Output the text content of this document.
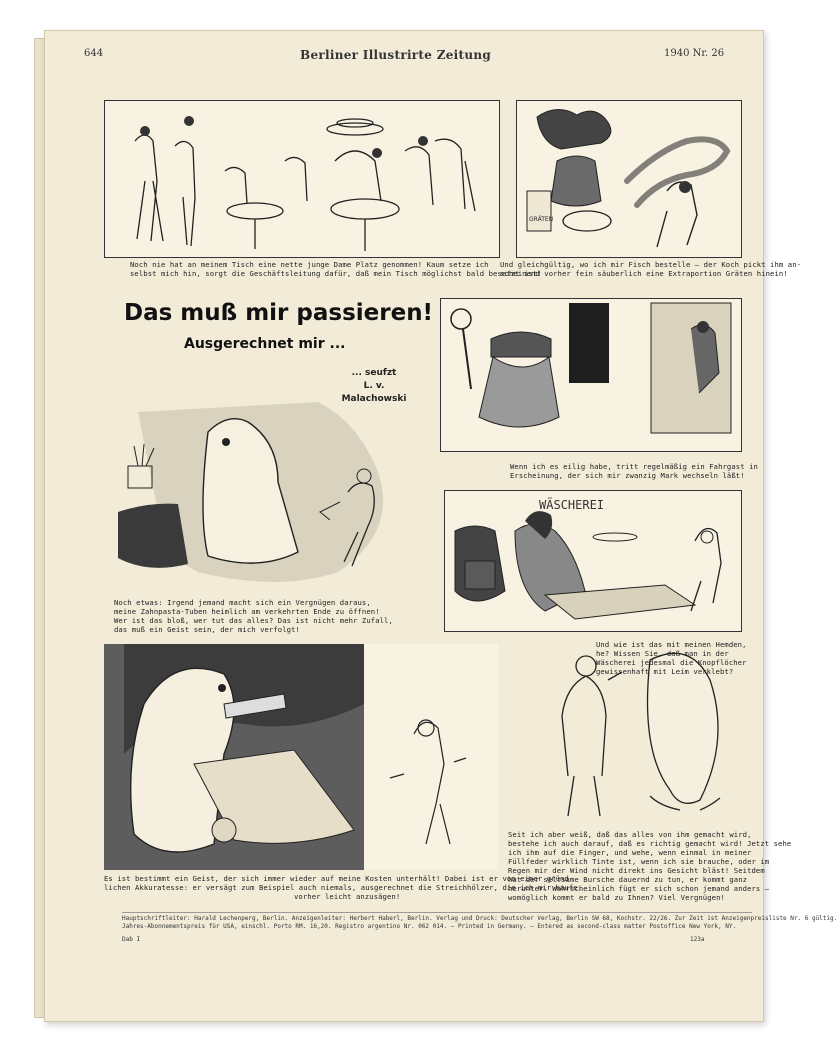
644	Berliner Illustrirte Zeitung	1940 Nr. 26
Noch nie hat an meinem Tisch eine nette junge Dame Platz genommen! Kaum setze ich
selbst mich hin, sorgt die Geschäftsleitung dafür, daß mein Tisch möglichst bald besetzt ist!
GRÄTEN
Und gleichgültig, wo ich mir Fisch bestelle – der Koch pickt ihm an-
scheinend vorher fein säuberlich eine Extraportion Gräten hinein!
Das muß mir passieren!
Ausgerechnet mir ...
... seufzt
L. v.
Malachowski
Wenn ich es eilig habe, tritt regelmäßig ein Fahrgast in
Erscheinung, der sich mir zwanzig Mark wechseln läßt!
Noch etwas: Irgend jemand macht sich ein Vergnügen daraus,
meine Zahnpasta-Tuben heimlich am verkehrten Ende zu öffnen!
Wer ist das bloß, wer tut das alles? Das ist nicht mehr Zufall,
das muß ein Geist sein, der mich verfolgt!
WÄSCHEREI
Und wie ist das mit meinen Hemden,
he? Wissen Sie, daß man in der
Wäscherei jedesmal die Knopflöcher
gewissenhaft mit Leim verklebt?
Seit ich aber weiß, daß das alles von ihm gemacht wird,
bestehe ich auch darauf, daß es richtig gemacht wird! Jetzt sehe
ich ihm auf die Finger, und wehe, wenn einmal in meiner
Füllfeder wirklich Tinte ist, wenn ich sie brauche, oder im
Regen mir der Wind nicht direkt ins Gesicht bläst! Seitdem
hat der seltsame Bursche dauernd zu tun, er kommt ganz
herunter. Wahrscheinlich fügt er sich schon jemand anders –
womöglich kommt er bald zu Ihnen? Viel Vergnügen!
Es ist bestimmt ein Geist, der sich immer wieder auf meine Kosten unterhält! Dabei ist er von einer gründ-
lichen Akkuratesse: er versägt zum Beispiel auch niemals, ausgerechnet die Streichhölzer, die ich mir kaufe,
vorher leicht anzusägen!
Hauptschriftleiter: Harald Lechenperg, Berlin. Anzeigenleiter: Herbert Haberl, Berlin. Verlag und Druck: Deutscher Verlag, Berlin SW 68, Kochstr. 22/26. Zur Zeit ist Anzeigenpreisliste Nr. 6 gültig.
Jahres-Abonnementspreis für USA, einschl. Porto RM. 16,20. Registro argentino Nr. 062 014. — Printed in Germany. — Entered as second-class matter Postoffice New York, NY.
Dab I	123a
